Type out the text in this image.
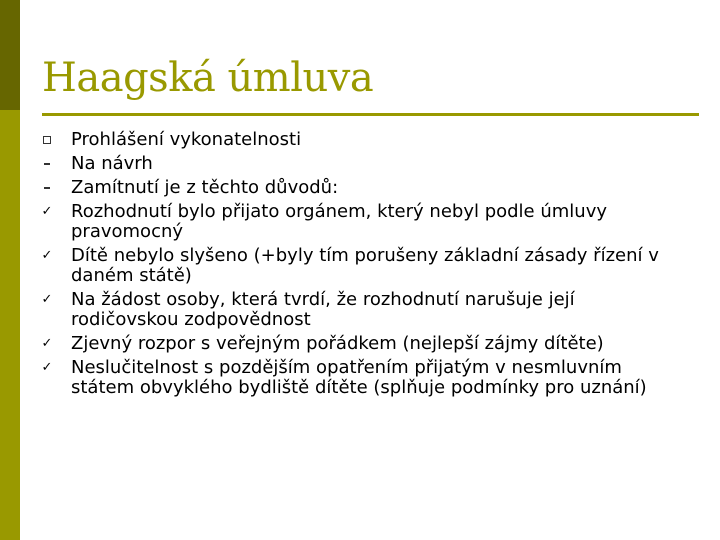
Haagská úmluva
Prohlášení vykonatelnosti
Na návrh
Zamítnutí je z těchto důvodů:
✓ Rozhodnutí bylo přijato orgánem, který nebyl podle úmluvy pravomocný
✓ Dítě nebylo slyšeno (+byly tím porušeny základní zásady řízení v daném státě)
✓ Na žádost osoby, která tvrdí, že rozhodnutí narušuje její rodičovskou zodpovědnost
✓ Zjevný rozpor s veřejným pořádkem (nejlepší zájmy dítěte)
✓ Neslučitelnost s pozdějším opatřením přijatým v nesmluvním státem obvyklého bydliště dítěte (splňuje podmínky pro uznání)
